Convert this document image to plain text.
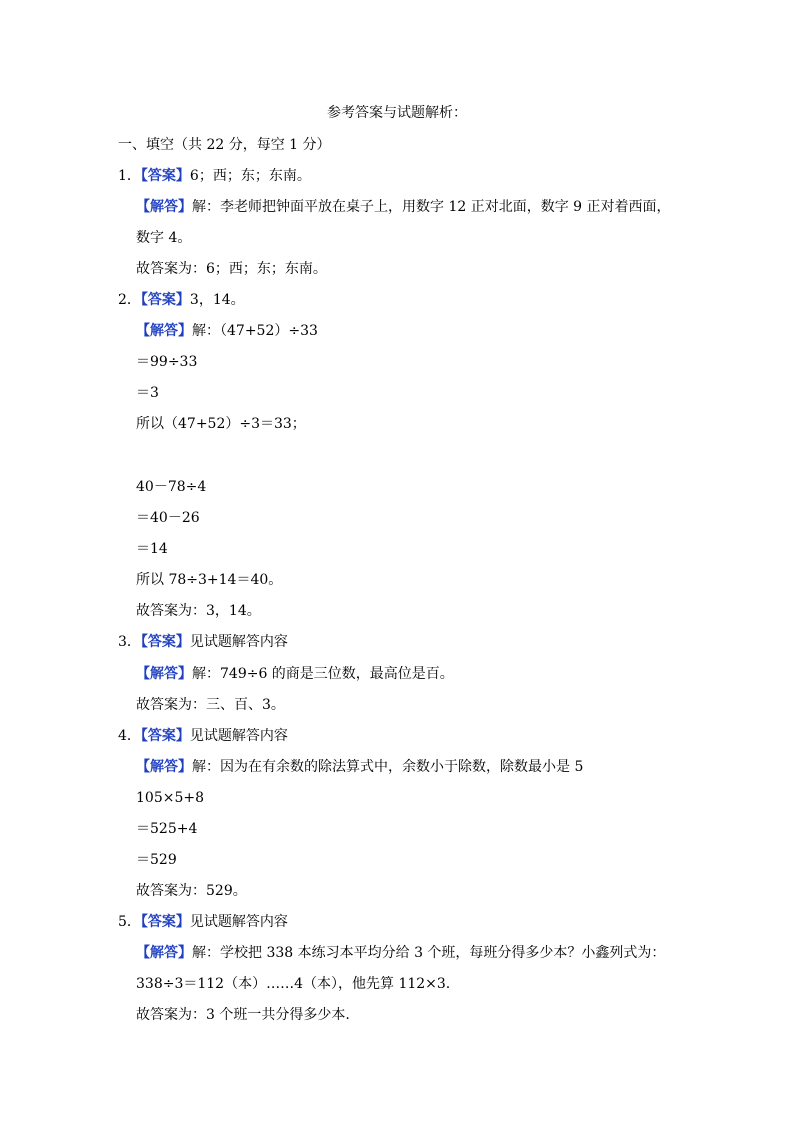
参考答案与试题解析：
一、填空（共 22 分，每空 1 分）
1．【答案】6；西；东；东南。
【解答】解：李老师把钟面平放在桌子上，用数字 12 正对北面，数字 9 正对着西面，
数字 4。
故答案为：6；西；东；东南。
2．【答案】3，14。
【解答】解：（47+52）÷33
＝99÷33
＝3
所以（47+52）÷3＝33；
40－78÷4
＝40－26
＝14
所以 78÷3+14＝40。
故答案为：3，14。
3．【答案】见试题解答内容
【解答】解：749÷6 的商是三位数，最高位是百。
故答案为：三、百、3。
4．【答案】见试题解答内容
【解答】解：因为在有余数的除法算式中，余数小于除数，除数最小是 5
105×5+8
＝525+4
＝529
故答案为：529。
5．【答案】见试题解答内容
【解答】解：学校把 338 本练习本平均分给 3 个班，每班分得多少本？小鑫列式为：
338÷3＝112（本）……4（本），他先算 112×3.
故答案为：3 个班一共分得多少本.
